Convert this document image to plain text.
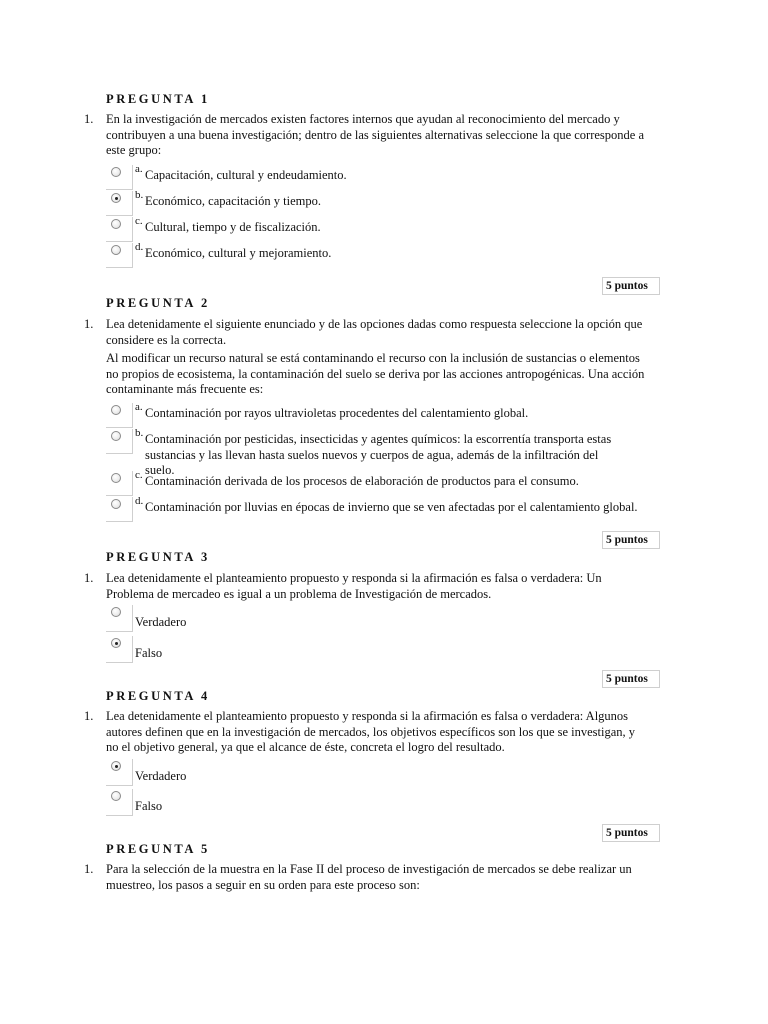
PREGUNTA 1
1. En la investigación de mercados existen factores internos que ayudan al reconocimiento del mercado y contribuyen a una buena investigación; dentro de las siguientes alternativas seleccione la que corresponde a este grupo:
a. Capacitación, cultural y endeudamiento.
b. Económico, capacitación y tiempo.
c. Cultural, tiempo y de fiscalización.
d. Económico, cultural y mejoramiento.
5 puntos
PREGUNTA 2
1. Lea detenidamente el siguiente enunciado y de las opciones dadas como respuesta seleccione la opción que considere es la correcta.
Al modificar un recurso natural se está contaminando el recurso con la inclusión de sustancias o elementos no propios de ecosistema, la contaminación del suelo se deriva por las acciones antropogénicas. Una acción contaminante más frecuente es:
a. Contaminación por rayos ultravioletas procedentes del calentamiento global.
b. Contaminación por pesticidas, insecticidas y agentes químicos: la escorrentía transporta estas sustancias y las llevan hasta suelos nuevos y cuerpos de agua, además de la infiltración del suelo.
c. Contaminación derivada de los procesos de elaboración de productos para el consumo.
d. Contaminación por lluvias en épocas de invierno que se ven afectadas por el calentamiento global.
5 puntos
PREGUNTA 3
1. Lea detenidamente el planteamiento propuesto y responda si la afirmación es falsa o verdadera: Un Problema de mercadeo es igual a un problema de Investigación de mercados.
Verdadero
Falso
5 puntos
PREGUNTA 4
1. Lea detenidamente el planteamiento propuesto y responda si la afirmación es falsa o verdadera: Algunos autores definen que en la investigación de mercados, los objetivos específicos son los que se investigan, y no el objetivo general, ya que el alcance de éste, concreta el logro del resultado.
Verdadero
Falso
5 puntos
PREGUNTA 5
1. Para la selección de la muestra en la Fase II del proceso de investigación de mercados se debe realizar un muestreo, los pasos a seguir en su orden para este proceso son:
